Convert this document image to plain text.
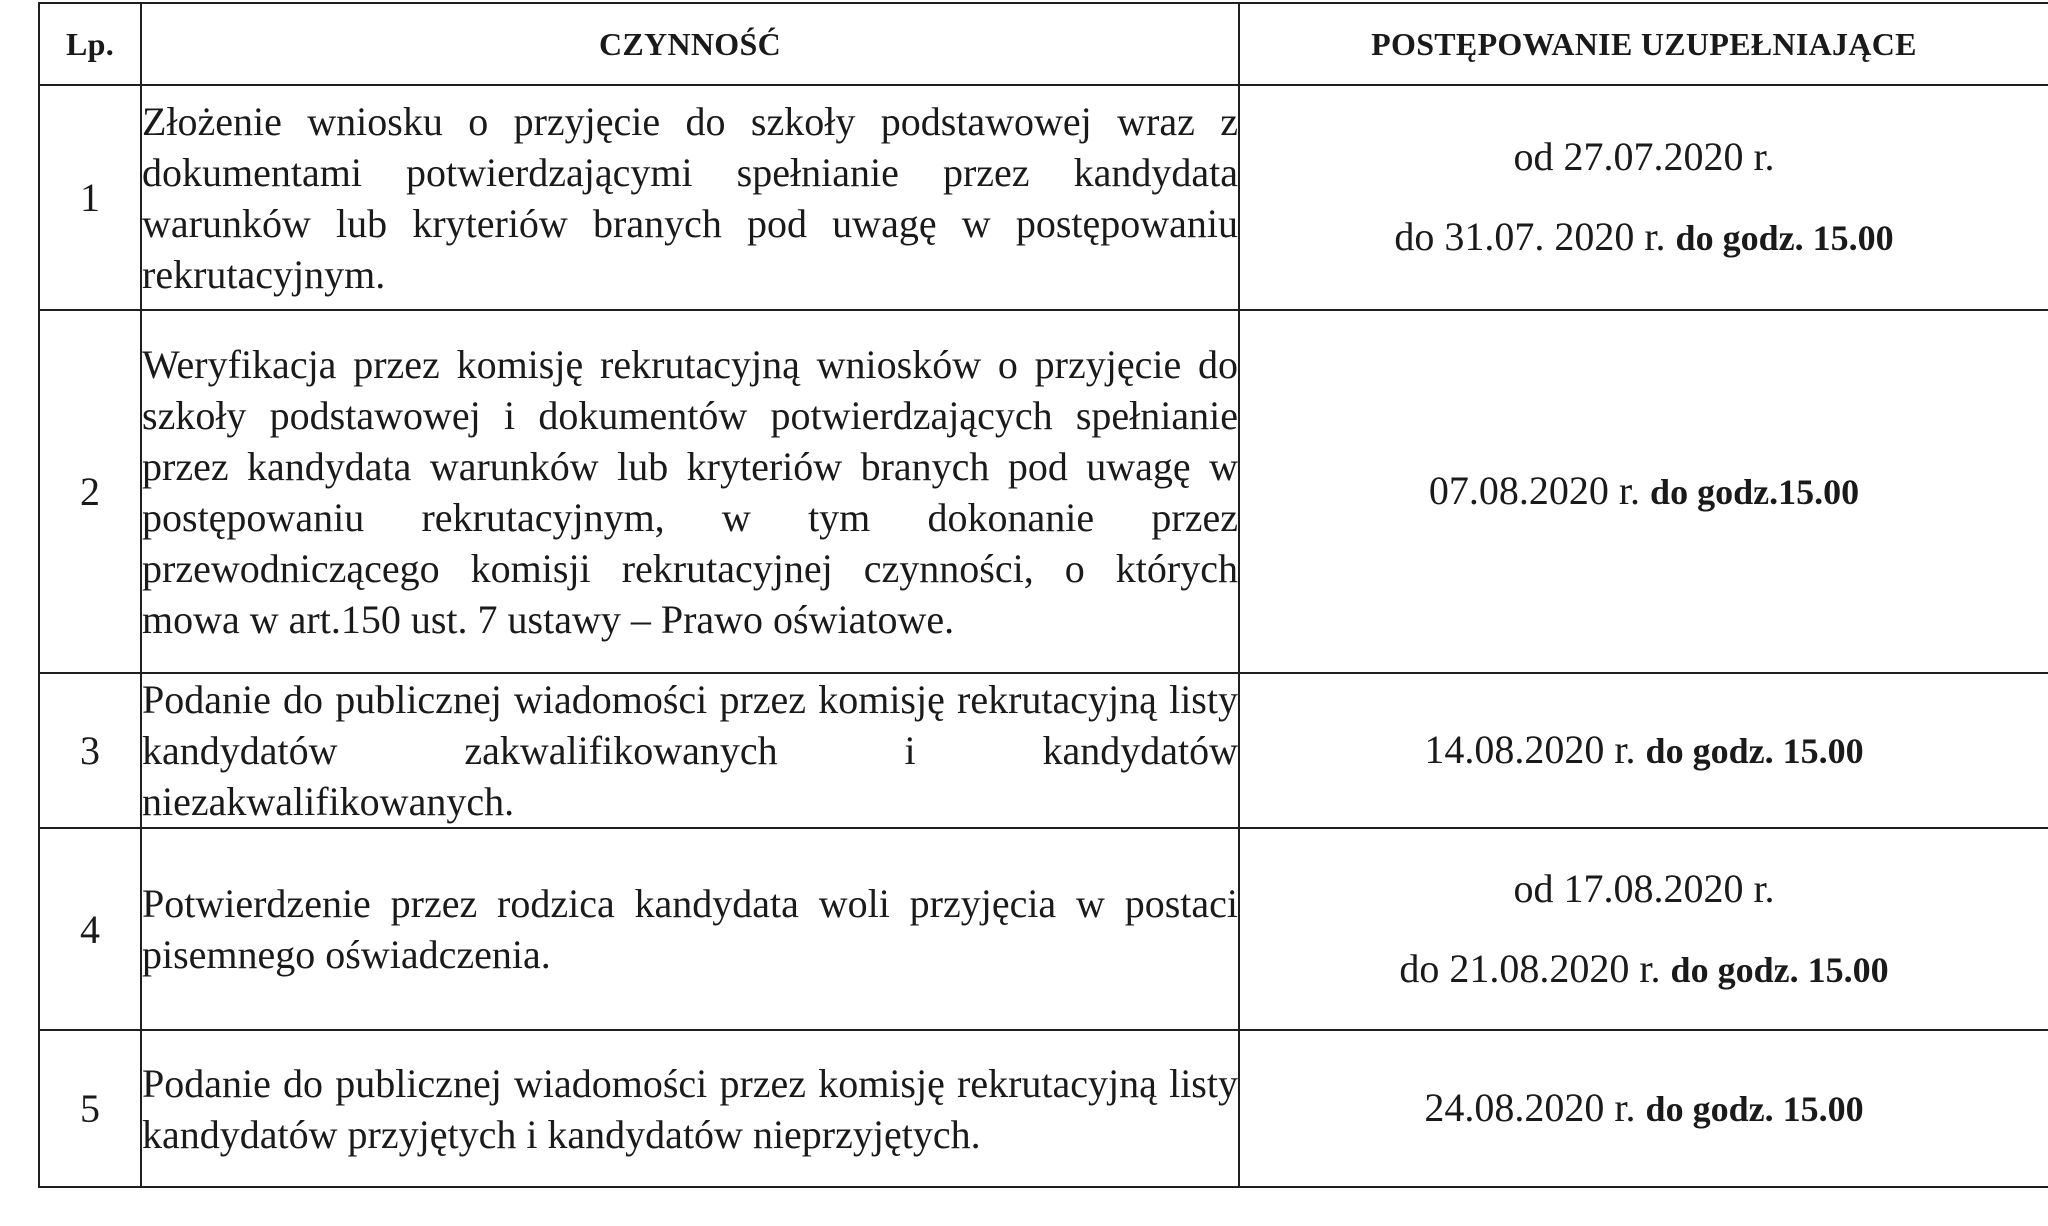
Lp.	CZYNNOŚĆ	POSTĘPOWANIE UZUPEŁNIAJĄCE
1	Złożenie wniosku o przyjęcie do szkoły podstawowej wraz z dokumentami potwierdzającymi spełnianie przez kandydata warunków lub kryteriów branych pod uwagę w postępowaniu rekrutacyjnym.	od 27.07.2020 r.
do 31.07. 2020 r. do godz. 15.00

2	Weryfikacja przez komisję rekrutacyjną wniosków o przyjęcie do szkoły podstawowej i dokumentów potwierdzających spełnianie przez kandydata warunków lub kryteriów branych pod uwagę w postępowaniu rekrutacyjnym, w tym dokonanie przez przewodniczącego komisji rekrutacyjnej czynności, o których mowa w art.150 ust. 7 ustawy – Prawo oświatowe.	07.08.2020 r. do godz.15.00

3	Podanie do publicznej wiadomości przez komisję rekrutacyjną listy kandydatów zakwalifikowanych i kandydatów niezakwalifikowanych.	14.08.2020 r. do godz. 15.00

4	Potwierdzenie przez rodzica kandydata woli przyjęcia w postaci pisemnego oświadczenia.	od 17.08.2020 r.
do 21.08.2020 r. do godz. 15.00

5	Podanie do publicznej wiadomości przez komisję rekrutacyjną listy kandydatów przyjętych i kandydatów nieprzyjętych.	24.08.2020 r. do godz. 15.00
